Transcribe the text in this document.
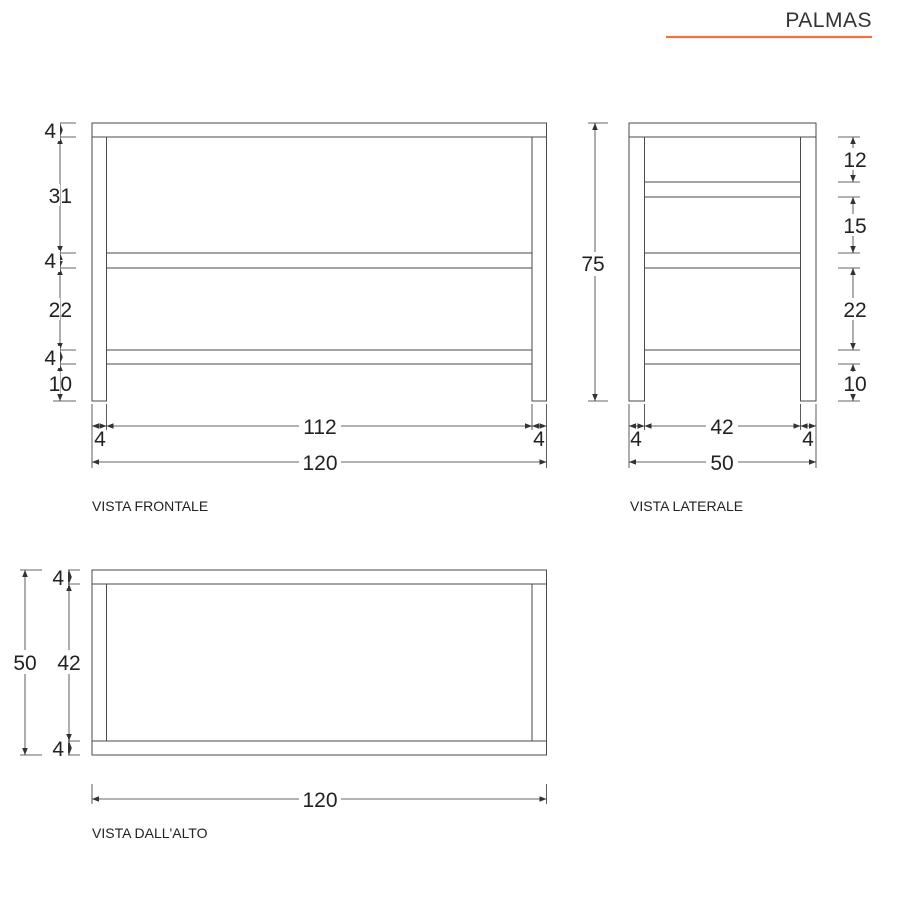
PALMAS
4
31
4
22
4
10
4
112
4
120
VISTA FRONTALE
75
12
15
22
10
4
42
4
50
VISTA LATERALE
50
4
42
4
120
VISTA DALL'ALTO
